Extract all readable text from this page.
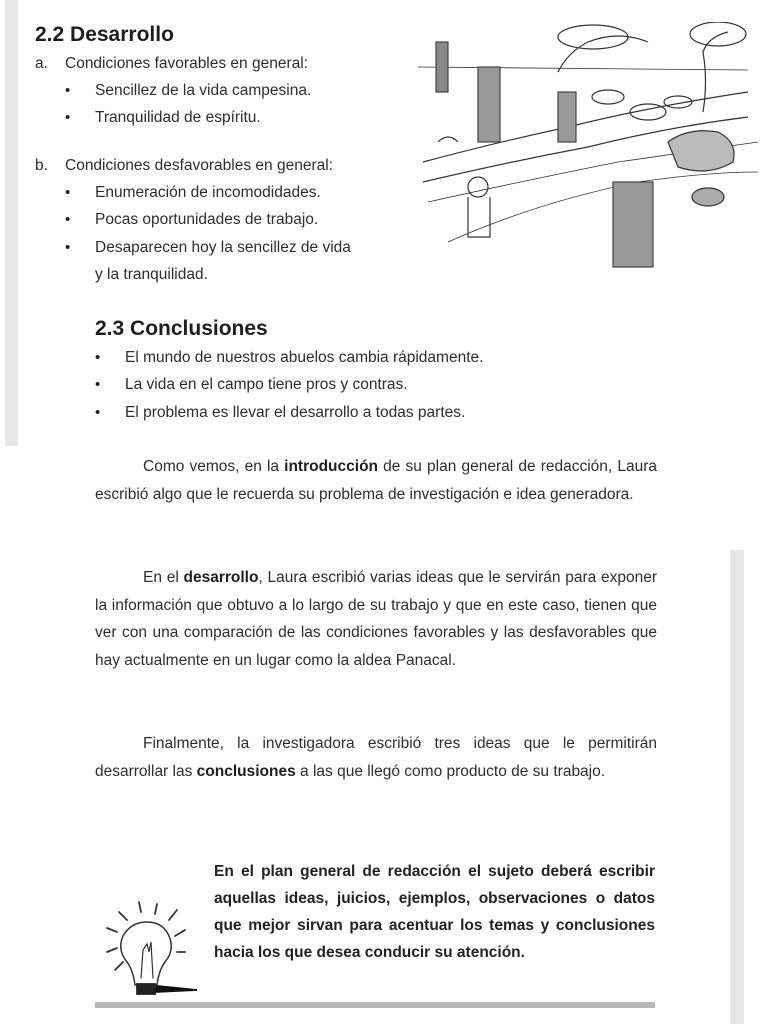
2.2 Desarrollo
a. Condiciones favorables en general:
• Sencillez de la vida campesina.
• Tranquilidad de espíritu.
b. Condiciones desfavorables en general:
• Enumeración de incomodidades.
• Pocas oportunidades de trabajo.
• Desaparecen hoy la sencillez de vida
y la tranquilidad.
2.3 Conclusiones
• El mundo de nuestros abuelos cambia rápidamente.
• La vida en el campo tiene pros y contras.
• El problema es llevar el desarrollo a todas partes.

Como vemos, en la introducción de su plan general de redacción, Laura escribió algo que le recuerda su problema de investigación e idea generadora.

En el desarrollo, Laura escribió varias ideas que le servirán para exponer la información que obtuvo a lo largo de su trabajo y que en este caso, tienen que ver con una comparación de las condiciones favorables y las desfavorables que hay actualmente en un lugar como la aldea Panacal.

Finalmente, la investigadora escribió tres ideas que le permitirán desarrollar las conclusiones a las que llegó como producto de su trabajo.

En el plan general de redacción el sujeto deberá escribir aquellas ideas, juicios, ejemplos, observaciones o datos que mejor sirvan para acentuar los temas y conclusiones hacia los que desea conducir su atención.
